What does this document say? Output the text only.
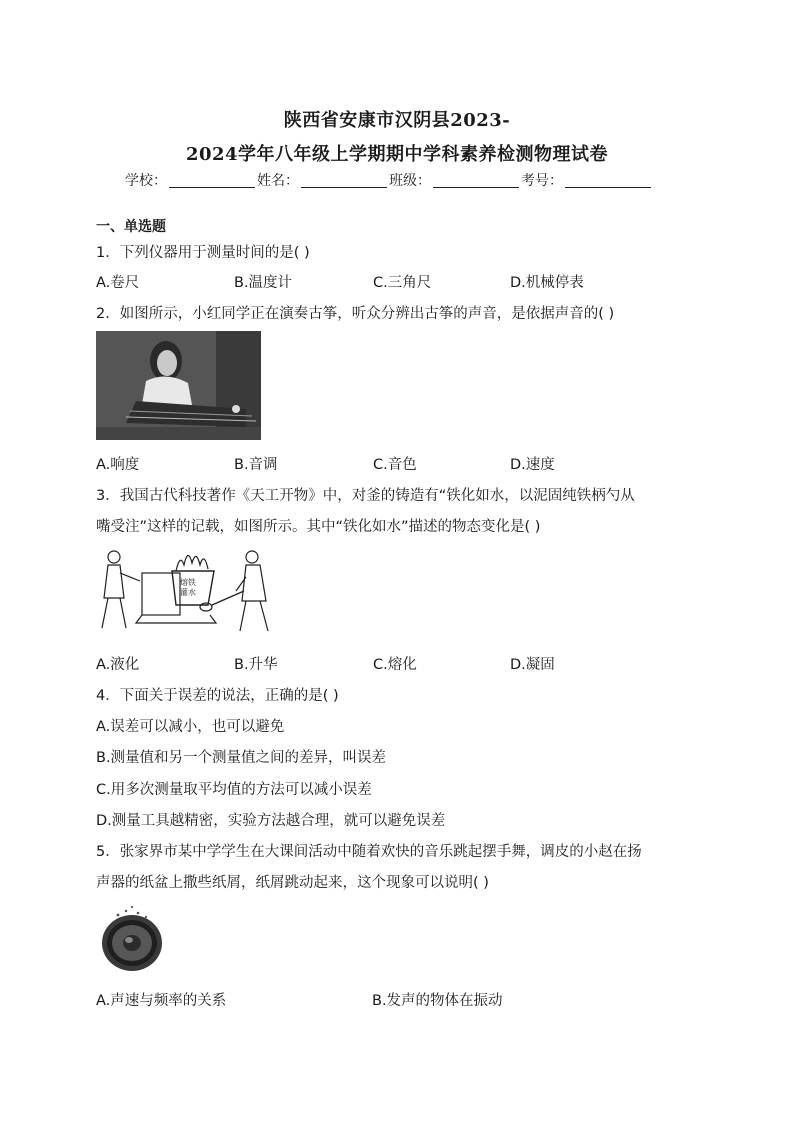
陕西省安康市汉阴县2023-
2024学年八年级上学期期中学科素养检测物理试卷
学校：	姓名：	班级：	考号：
一、单选题
1．下列仪器用于测量时间的是( )
A.卷尺	B.温度计	C.三角尺	D.机械停表
2．如图所示，小红同学正在演奏古筝，听众分辨出古筝的声音，是依据声音的( )
A.响度	B.音调	C.音色	D.速度
3．我国古代科技著作《天工开物》中，对釜的铸造有“铁化如水，以泥固纯铁柄勺从
嘴受注”这样的记载，如图所示。其中“铁化如水”描述的物态变化是( )
熔铁
灌水
A.液化	B.升华	C.熔化	D.凝固
4．下面关于误差的说法，正确的是( )
A.误差可以减小，也可以避免
B.测量值和另一个测量值之间的差异，叫误差
C.用多次测量取平均值的方法可以减小误差
D.测量工具越精密，实验方法越合理，就可以避免误差
5．张家界市某中学学生在大课间活动中随着欢快的音乐跳起摆手舞，调皮的小赵在扬
声器的纸盆上撒些纸屑，纸屑跳动起来，这个现象可以说明( )
A.声速与频率的关系	B.发声的物体在振动
